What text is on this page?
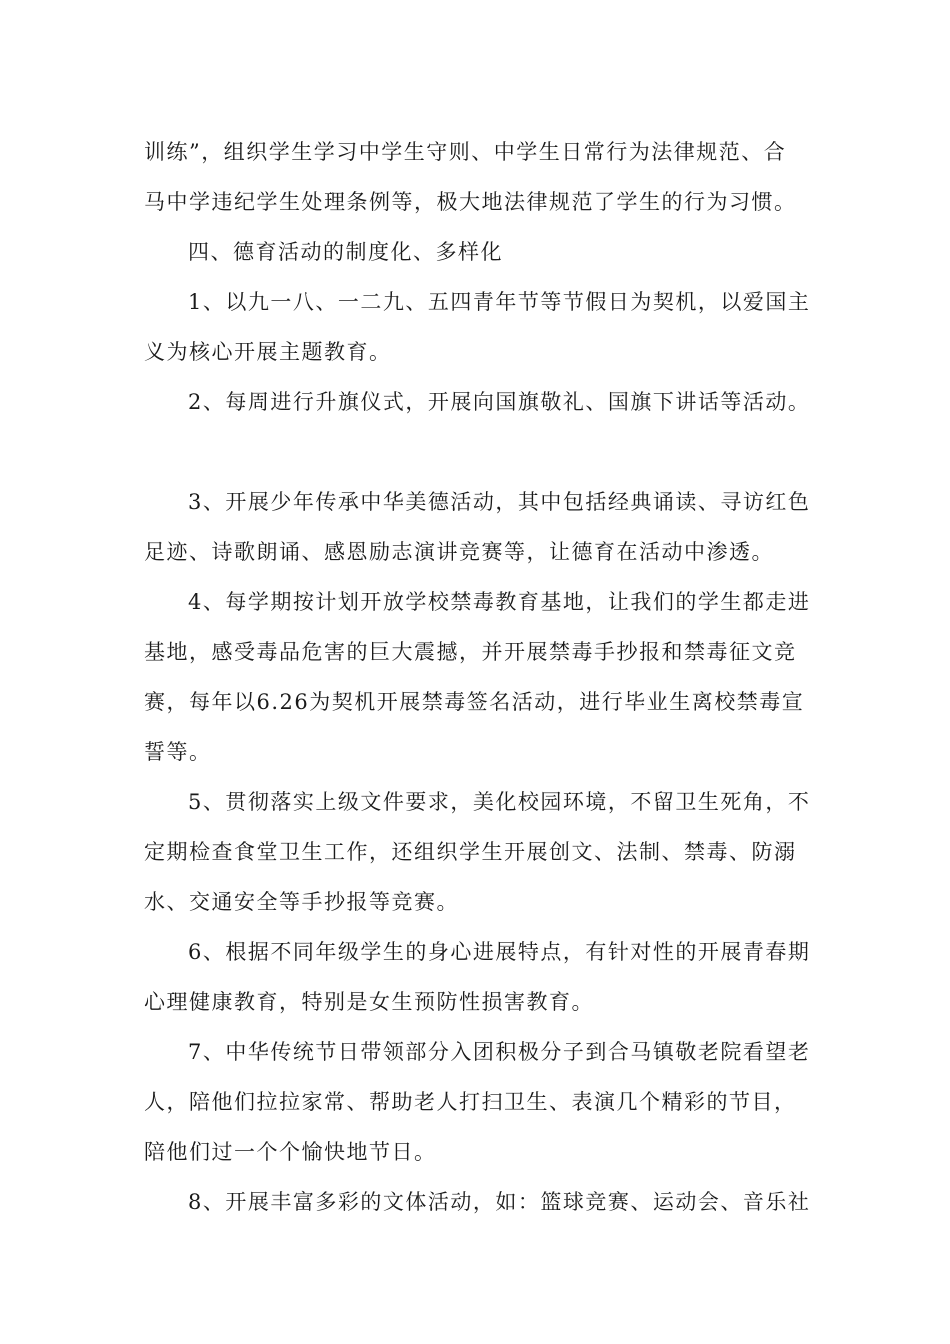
训练”，组织学生学习中学生守则、中学生日常行为法律规范、合
马中学违纪学生处理条例等，极大地法律规范了学生的行为习惯。
四、德育活动的制度化、多样化
1、以九一八、一二九、五四青年节等节假日为契机，以爱国主
义为核心开展主题教育。
2、每周进行升旗仪式，开展向国旗敬礼、国旗下讲话等活动。
3、开展少年传承中华美德活动，其中包括经典诵读、寻访红色
足迹、诗歌朗诵、感恩励志演讲竞赛等，让德育在活动中渗透。
4、每学期按计划开放学校禁毒教育基地，让我们的学生都走进
基地，感受毒品危害的巨大震撼，并开展禁毒手抄报和禁毒征文竞
赛，每年以6.26为契机开展禁毒签名活动，进行毕业生离校禁毒宣
誓等。
5、贯彻落实上级文件要求，美化校园环境，不留卫生死角，不
定期检查食堂卫生工作，还组织学生开展创文、法制、禁毒、防溺
水、交通安全等手抄报等竞赛。
6、根据不同年级学生的身心进展特点，有针对性的开展青春期
心理健康教育，特别是女生预防性损害教育。
7、中华传统节日带领部分入团积极分子到合马镇敬老院看望老
人，陪他们拉拉家常、帮助老人打扫卫生、表演几个精彩的节目，
陪他们过一个个愉快地节日。
8、开展丰富多彩的文体活动，如：篮球竞赛、运动会、音乐社
